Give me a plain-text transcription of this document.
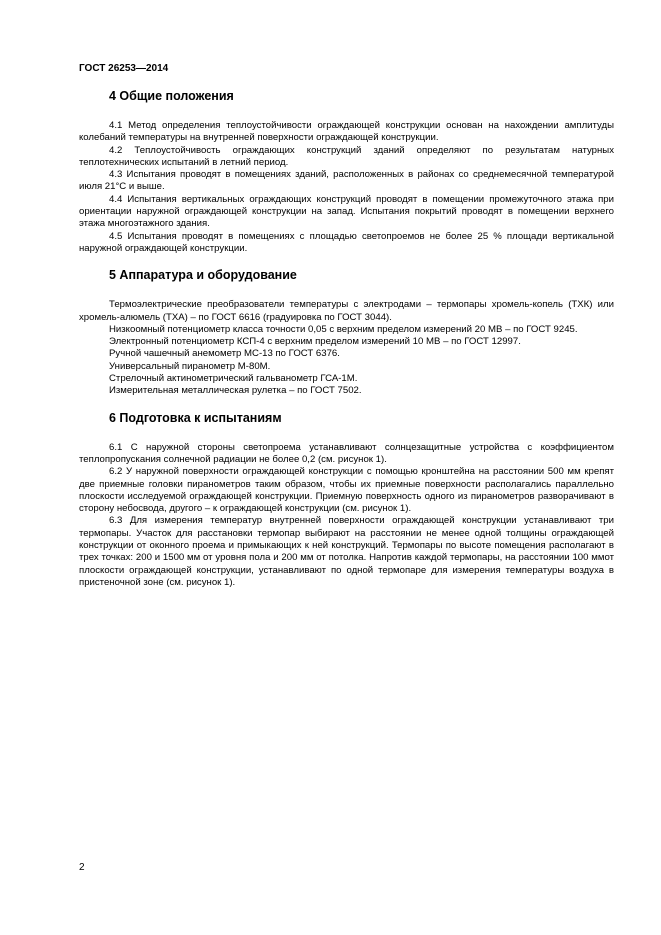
ГОСТ 26253—2014
4 Общие положения

4.1 Метод определения теплоустойчивости ограждающей конструкции основан на нахождении амплитуды колебаний температуры на внутренней поверхности ограждающей конструкции.

4.2 Теплоустойчивость ограждающих конструкций зданий определяют по результатам натурных теплотехнических испытаний в летний период.

4.3 Испытания проводят в помещениях зданий, расположенных в районах со среднемесячной температурой июля 21°С и выше.

4.4 Испытания вертикальных ограждающих конструкций проводят в помещении промежуточного этажа при ориентации наружной ограждающей конструкции на запад. Испытания покрытий проводят в помещении верхнего этажа многоэтажного здания.

4.5 Испытания проводят в помещениях с площадью светопроемов не более 25 % площади вертикальной наружной ограждающей конструкции.

5 Аппаратура и оборудование

Термоэлектрические преобразователи температуры с электродами – термопары хромель-копель (ТХК) или хромель-алюмель (ТХА) – по ГОСТ 6616 (градуировка по ГОСТ 3044).

Низкоомный потенциометр класса точности 0,05 с верхним пределом измерений 20 МВ – по ГОСТ 9245.

Электронный потенциометр КСП-4 с верхним пределом измерений 10 МВ – по ГОСТ 12997.

Ручной чашечный анемометр МС-13 по ГОСТ 6376.

Универсальный пиранометр М-80М.

Стрелочный актинометрический гальванометр ГСА-1М.

Измерительная металлическая рулетка – по ГОСТ 7502.

6 Подготовка к испытаниям

6.1 С наружной стороны светопроема устанавливают солнцезащитные устройства с коэффициентом теплопропускания солнечной радиации не более 0,2 (см. рисунок 1).

6.2 У наружной поверхности ограждающей конструкции с помощью кронштейна на расстоянии 500 мм крепят две приемные головки пиранометров таким образом, чтобы их приемные поверхности располагались параллельно плоскости исследуемой ограждающей конструкции. Приемную поверхность одного из пиранометров разворачивают в сторону небосвода, другого – к ограждающей конструкции (см. рисунок 1).

6.3 Для измерения температур внутренней поверхности ограждающей конструкции устанавливают три термопары. Участок для расстановки термопар выбирают на расстоянии не менее одной толщины ограждающей конструкции от оконного проема и примыкающих к ней конструкций. Термопары по высоте помещения располагают в трех точках: 200 и 1500 мм от уровня пола и 200 мм от потолка. Напротив каждой термопары, на расстоянии 100 ммот плоскости ограждающей конструкции, устанавливают по одной термопаре для измерения температуры воздуха в пристеночной зоне (см. рисунок 1).

2
